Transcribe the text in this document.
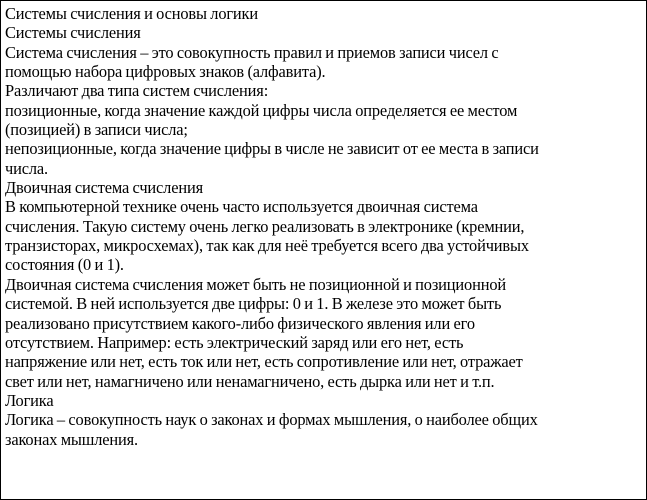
Системы счисления и основы логики
Системы счисления
Система счисления – это совокупность правил и приемов записи чисел с
помощью набора цифровых знаков (алфавита).
Различают два типа систем счисления:
позиционные, когда значение каждой цифры числа определяется ее местом
(позицией) в записи числа;
непозиционные, когда значение цифры в числе не зависит от ее места в записи
числа.
Двоичная система счисления
В компьютерной технике очень часто используется двоичная система
счисления. Такую систему очень легко реализовать в электронике (кремнии,
транзисторах, микросхемах), так как для неё требуется всего два устойчивых
состояния (0 и 1).
Двоичная система счисления может быть не позиционной и позиционной
системой. В ней используется две цифры: 0 и 1. В железе это может быть
реализовано присутствием какого-либо физического явления или его
отсутствием. Например: есть электрический заряд или его нет, есть
напряжение или нет, есть ток или нет, есть сопротивление или нет, отражает
свет или нет, намагничено или ненамагничено, есть дырка или нет и т.п.
Логика
Логика – совокупность наук о законах и формах мышления, о наиболее общих
законах мышления.
